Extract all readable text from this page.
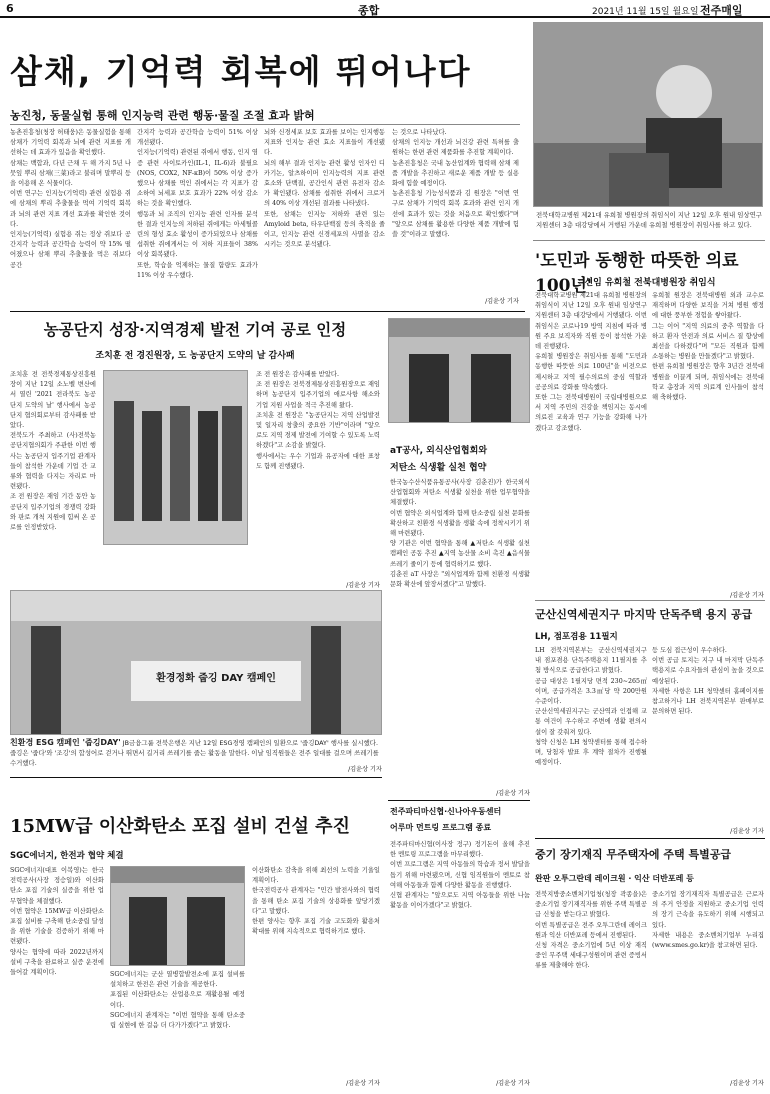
6	종합	2021년 11월 15일 월요일 전주매일
삼채, 기억력 회복에 뛰어나다
농진청, 동물실험 통해 인지능력 관련 행동·물질 조절 효과 밝혀
농촌진흥청(청장 허태웅)은 동물실험을 통해 삼채가 기억력 회복과 뇌에 관련 지표를 개선하는 데 효과가 있음을 확인했다.
삼채는 백합과, 다년 근채 두 해 가지 5년 나뭇잎 뿌리 삼채(三菜)라고 불리며 말뿌리 등을 이용해 온 식물이다.
이번 연구는 인지능(기억력) 관련 실험용 쥐에 삼채의 뿌리 추출물을 먹여 기억력 회복과 뇌의 관련 지표 개선 효과를 확인한 것이다.
인지능(기억력) 실험용 쥐는 정상 쥐보다 공간지각 능력과 공간학습 능력이 약 15% 떨어졌으나 삼채 뿌리 추출물을 먹은 쥐보다 공간
간지각 능력과 공간학습 능력이 51% 이상 개선됐다.
인지능(기억력) 관련된 쥐에서 행동, 인지 염증 관련 사이토카인(IL-1, IL-6)과 불필요(NOS, COX2, NF-κB)이 50% 이상 증가했으나 삼채를 먹인 쥐에서는 각 지표가 감소하여 뇌세포 보호 효과가 22% 이상 감소하는 것을 확인했다.
행동과 뇌 조직의 인지능 관련 인자를 분석한 결과 인지능의 저하된 쥐에게는 아세틸콜린의 형성 효소 활성이 증가되었으나 삼채를 섭취한 쥐에게서는 이 저하 지표들이 38% 이상 회복됐다.
또한, 학습을 억제하는 물질 함량도 효과가 11% 이상 우수했다.
뇌와 신경세포 보호 효과를 보이는 인지행동 지표와 인지능 관련 효소 지표들이 개선됐다.
뇌의 해부 결과 인지능 관련 활성 인자인 디카기논, 알츠하이머 인지능력의 지표 관련 효소와 단백질, 공간인식 관련 유전자 감소가 확인됐다. 삼채를 섭취한 쥐에서 크로거의 40% 이상 개선된 결과를 나타냈다.
또한, 삼채는 인지능 저하와 관련 있는 Amyloid beta, 타우단백질 등의 축적을 줄이고, 인지능 관련 신경세포의 사멸을 감소시키는 것으로 분석됐다.
는 것으로 나타났다.
삼채의 인지능 개선과 뇌건강 관련 특허를 출원하는 한편 관련 제품화를 추진할 계획이다.
농촌진흥청은 국내 농산업계와 협력해 삼채 제품 개발을 추진하고 새로운 제품 개발 등 실용화에 힘쓸 예정이다.
농촌진흥청 기능성식품과 김 원장은 "이번 연구로 삼채가 기억력 회복 효과와 관련 인지 개선에 효과가 있는 것을 처음으로 확인했다"며 "앞으로 삼채를 활용한 다양한 제품 개발에 힘쓸 것"이라고 말했다.
/김윤상 기자
전북대학교병원 제21대 유희철 병원장의 취임식이 지난 12일 오후 원내 임상연구지원센터 3층 대강당에서 거행된 가운데 유희철 병원장이 취임사를 하고 있다.
'도민과 동행한 따뜻한 의료 100년'
신임 유희철 전북대병원장 취임식
전북대학교병원 제21대 유희철 병원장의 취임식이 지난 12일 오후 원내 임상연구지원센터 3층 대강당에서 거행됐다. 이번 취임식은 코로나19 방역 지침에 따라 병원 주요 보직자와 직원 등이 참석한 가운데 진행됐다.
유희철 병원장은 취임사를 통해 "도민과 동행한 따뜻한 의료 100년"을 비전으로 제시하고 지역 필수의료의 중심 역할과 공공의료 강화를 약속했다.
또한 그는 전북대병원이 국립대병원으로서 지역 주민의 건강을 책임지는 동시에 의료진 교육과 연구 기능을 강화해 나가겠다고 강조했다.
유희철 원장은 전북대병원 외과 교수로 재직하며 다양한 보직을 거쳐 병원 행정에 대한 풍부한 경험을 쌓아왔다.
그는 이어 "지역 의료의 중추 역할을 다하고 환자 안전과 의료 서비스 질 향상에 최선을 다하겠다"며 "모든 직원과 함께 소통하는 병원을 만들겠다"고 밝혔다.
한편 유희철 병원장은 향후 3년간 전북대병원을 이끌게 되며, 취임식에는 전북대학교 총장과 지역 의료계 인사들이 참석해 축하했다.
/김윤상 기자
농공단지 성장·지역경제 발전 기여 공로 인정
조치훈 전 경진원장, 도 농공단지 도약의 날 감사패
조치훈 전 전북경제통상진흥원장이 지난 12일 소노벨 변산에서 열린 '2021 전라북도 농공단지 도약의 날' 행사에서 농공단지 협의회로부터 감사패를 받았다.
전북도가 주최하고 (사)전북농공단지협의회가 주관한 이번 행사는 농공단지 입주기업 관계자들이 참석한 가운데 기업 간 교류와 협력을 다지는 자리로 마련됐다.
조 전 원장은 재임 기간 동안 농공단지 입주기업의 경쟁력 강화와 판로 개척 지원에 힘써 온 공로를 인정받았다.
조 전 원장은 감사패를 받았다.
조 전 원장은 전북경제통상진흥원장으로 재임하며 농공단지 입주기업의 애로사항 해소와 기업 지원 사업을 적극 추진해 왔다.
조치훈 전 원장은 "농공단지는 지역 산업발전 및 일자리 창출의 중요한 기반"이라며 "앞으로도 지역 경제 발전에 기여할 수 있도록 노력하겠다"고 소감을 밝혔다.
행사에서는 우수 기업과 유공자에 대한 표창도 함께 진행됐다.
/김윤상 기자
aT공사, 외식산업협회와
저탄소 식생활 실천 협약
한국농수산식품유통공사(사장 김춘진)가 한국외식산업협회와 저탄소 식생활 실천을 위한 업무협약을 체결했다.
이번 협약은 외식업계와 함께 탄소중립 실천 문화를 확산하고 친환경 식생활을 생활 속에 정착시키기 위해 마련됐다.
양 기관은 이번 협약을 통해 ▲저탄소 식생활 실천 캠페인 공동 추진 ▲지역 농산물 소비 촉진 ▲음식물 쓰레기 줄이기 등에 협력하기로 했다.
김춘진 aT 사장은 "외식업계와 함께 친환경 식생활 문화 확산에 앞장서겠다"고 말했다.
/김윤상 기자
환경정화 줍깅 DAY 캠페인
친환경 ESG 캠페인 '줍깅DAY' JB금융그룹 전북은행은 지난 12일 ESG경영 캠페인의 일환으로 '줍깅DAY' 행사를 실시했다. 줍깅은 '줍다'와 '조깅'의 합성어로 걷거나 뛰면서 길거리 쓰레기를 줍는 활동을 말한다. 이날 임직원들은 전주 일대를 걸으며 쓰레기를 수거했다.
/김윤상 기자
군산신역세권지구 마지막 단독주택 용지 공급
LH, 점포겸용 11필지
LH 전북지역본부는 군산신역세권지구 내 점포겸용 단독주택용지 11필지를 추첨 방식으로 공급한다고 밝혔다.
공급 대상은 1필지당 면적 230~265㎡이며, 공급가격은 3.3㎡당 약 200만원 수준이다.
군산신역세권지구는 군산역과 인접해 교통 여건이 우수하고 주변에 생활 편의시설이 잘 갖춰져 있다.
청약 신청은 LH 청약센터를 통해 접수하며, 당첨자 발표 후 계약 절차가 진행될 예정이다.
등 도심 접근성이 우수하다.
이번 공급 토지는 지구 내 마지막 단독주택용지로 수요자들의 관심이 높을 것으로 예상된다.
자세한 사항은 LH 청약센터 홈페이지를 참고하거나 LH 전북지역본부 판매부로 문의하면 된다.
/김윤상 기자
15MW급 이산화탄소 포집 설비 건설 추진
SGC에너지, 한전과 협약 체결
SGC에너지(대표 이복영)는 한국전력공사(사장 정승일)와 이산화탄소 포집 기술의 실증을 위한 업무협약을 체결했다.
이번 협약은 15MW급 이산화탄소 포집 설비를 구축해 탄소중립 달성을 위한 기술을 검증하기 위해 마련됐다.
양사는 협약에 따라 2022년까지 설비 구축을 완료하고 실증 운전에 들어갈 계획이다.	SGC에너지는 군산 열병합발전소에 포집 설비를 설치하고 한전은 관련 기술을 제공한다.
포집된 이산화탄소는 산업용으로 재활용될 예정이다.
SGC에너지 관계자는 "이번 협약을 통해 탄소중립 실현에 한 걸음 더 다가가겠다"고 밝혔다.
이산화탄소 감축을 위해 최선의 노력을 기울일 계획이다.
한국전력공사 관계자는 "민간 발전사와의 협력을 통해 탄소 포집 기술의 상용화를 앞당기겠다"고 말했다.
한편 양사는 향후 포집 기술 고도화와 활용처 확대를 위해 지속적으로 협력하기로 했다.
/김윤상 기자
전주파티마신협·신나아우동센터
어루마 먼트링 프로그램 종료
전주파티마신협(이사장 정구) 정기돈이 올해 추진한 멘토링 프로그램을 마무리했다.
이번 프로그램은 지역 아동들의 학습과 정서 발달을 돕기 위해 마련됐으며, 신협 임직원들이 멘토로 참여해 아동들과 함께 다양한 활동을 진행했다.
신협 관계자는 "앞으로도 지역 아동들을 위한 나눔 활동을 이어가겠다"고 밝혔다.
/김윤상 기자
중기 장기재직 무주택자에 주택 특별공급
완판 오투그란데 레이크원 · 익산 더반포레 등
전북지방중소벤처기업청(청장 곽종을)은 중소기업 장기재직자를 위한 주택 특별공급 신청을 받는다고 밝혔다.
이번 특별공급은 전주 오투그란데 레이크원과 익산 더반포레 등에서 진행된다.
신청 자격은 중소기업에 5년 이상 재직 중인 무주택 세대구성원이며 관련 증빙서류를 제출해야 한다.
중소기업 장기재직자 특별공급은 근로자의 주거 안정을 지원하고 중소기업 인력의 장기 근속을 유도하기 위해 시행되고 있다.
자세한 내용은 중소벤처기업부 누리집(www.smes.go.kr)을 참고하면 된다.
/김윤상 기자
